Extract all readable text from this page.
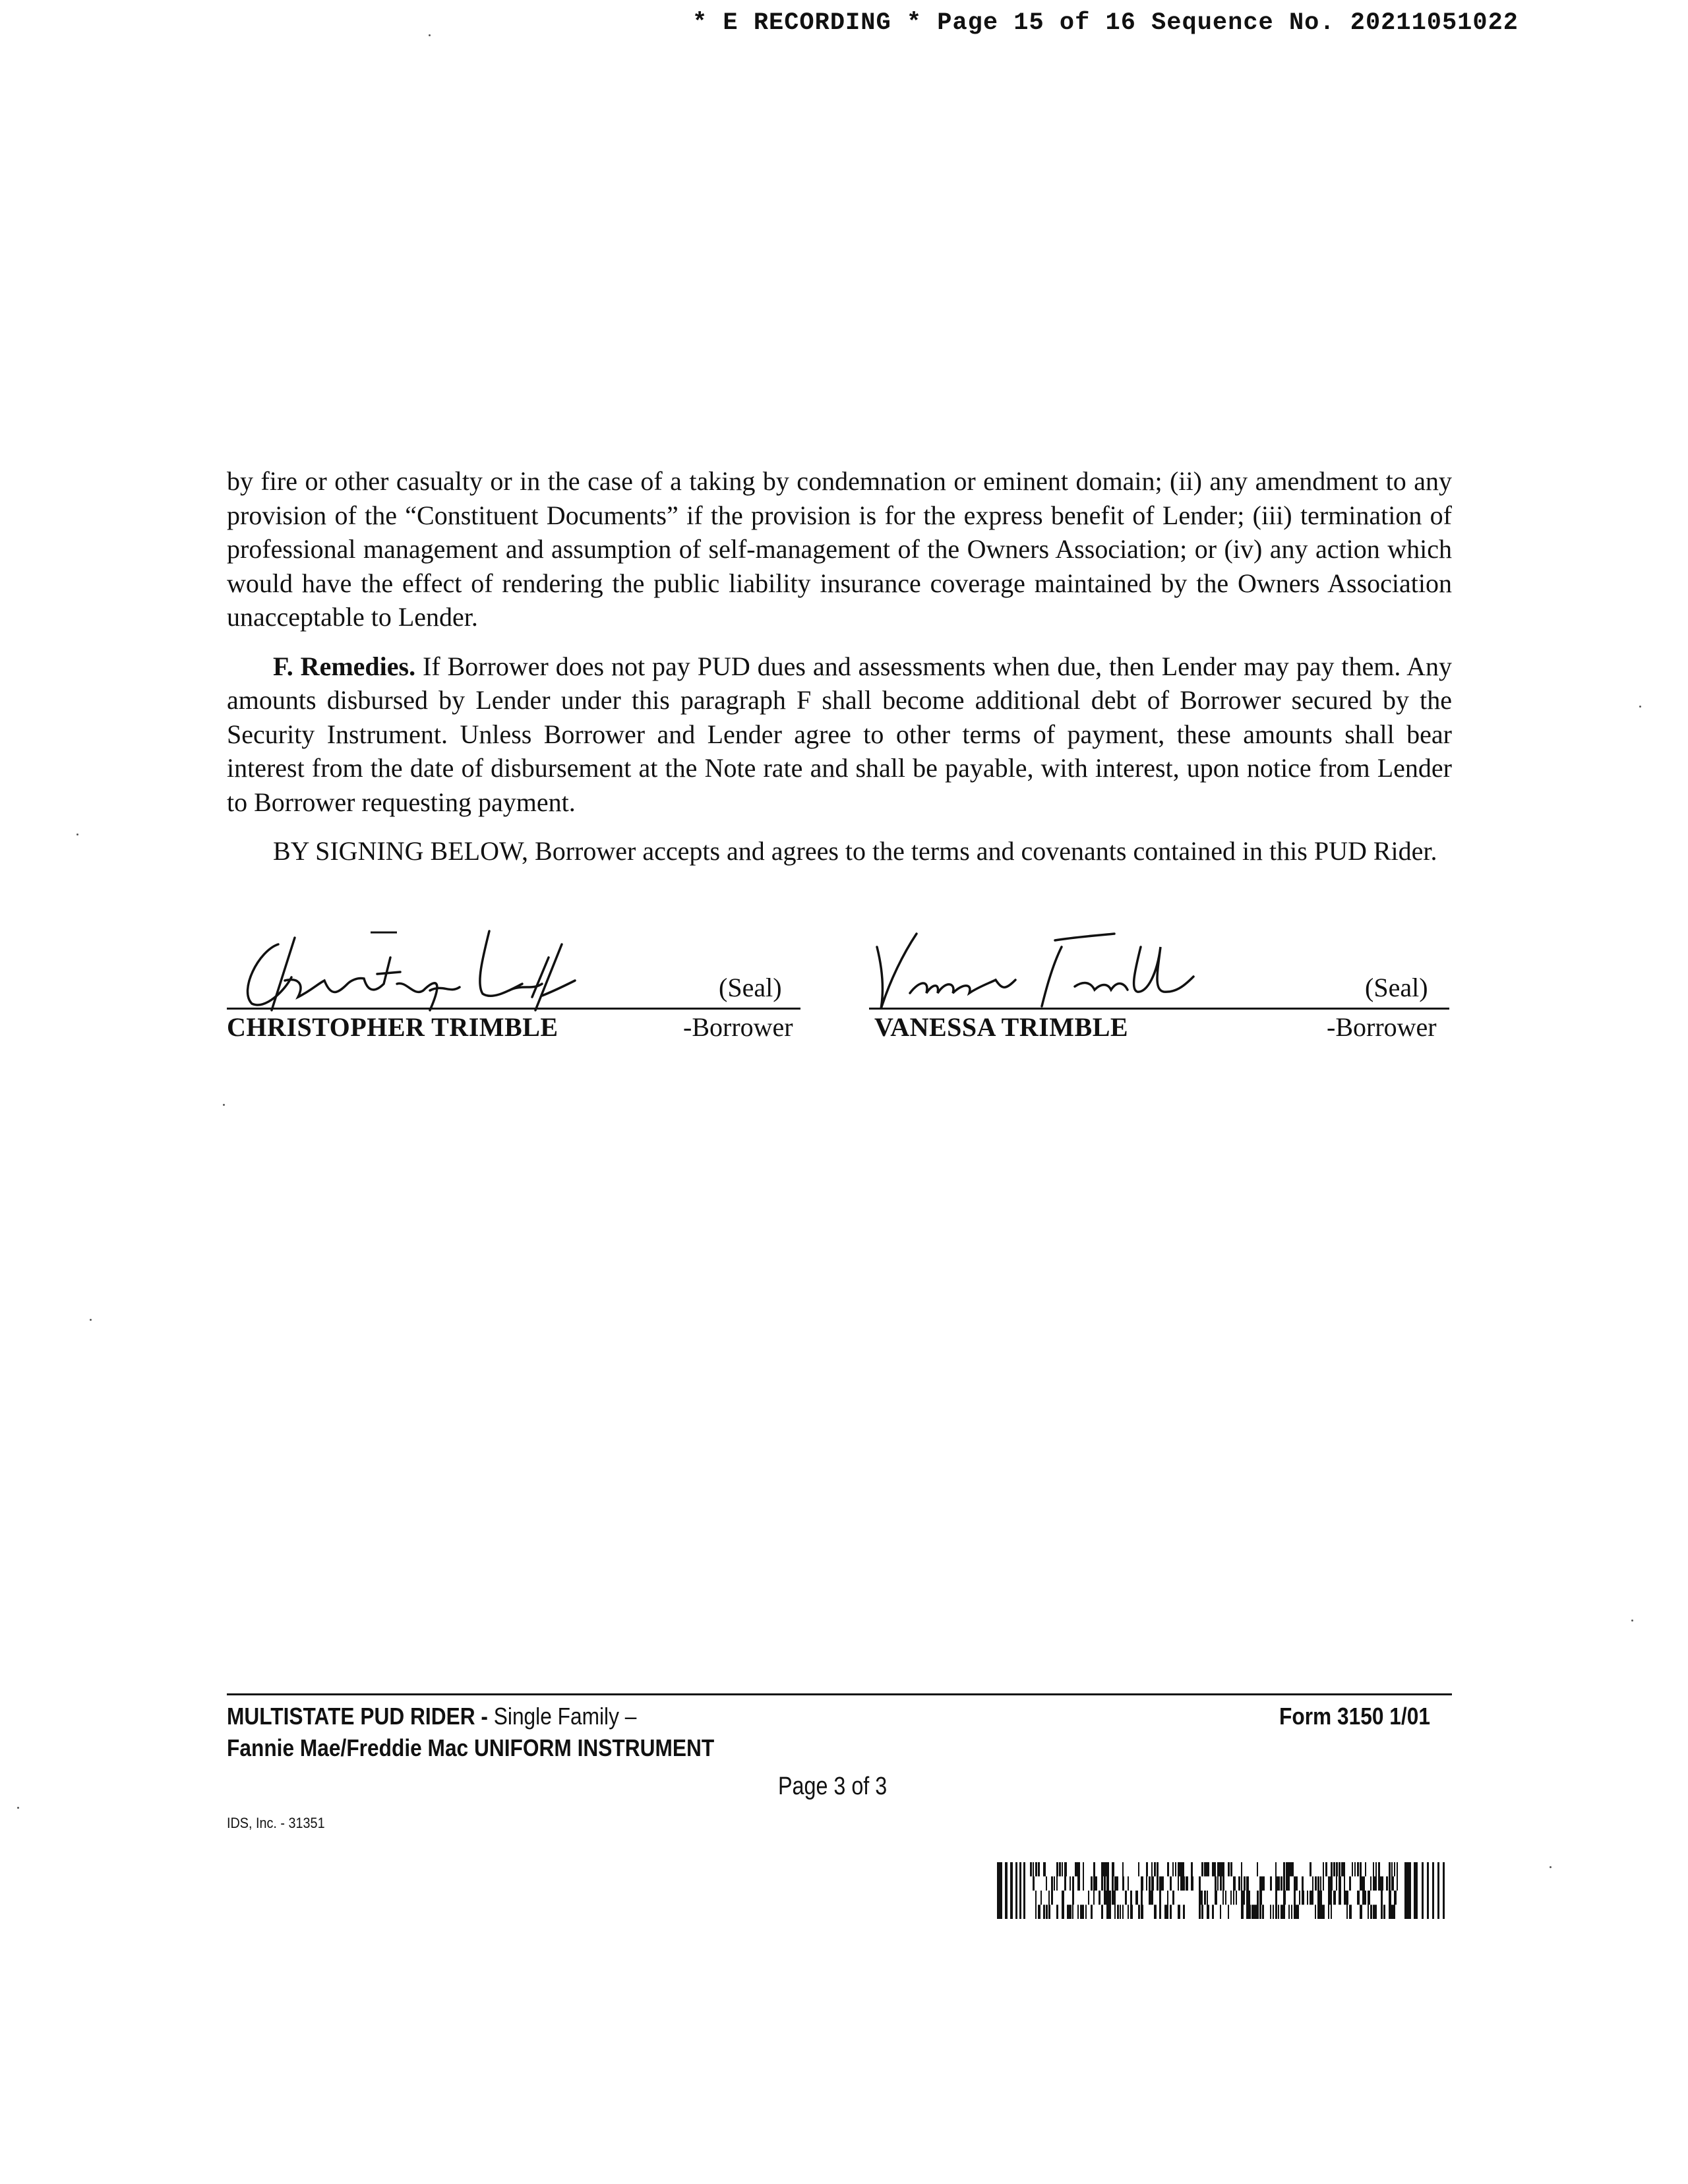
* E RECORDING * Page 15 of 16 Sequence No. 20211051022

by fire or other casualty or in the case of a taking by condemnation or eminent domain; (ii) any amendment to any provision of the “Constituent Documents” if the provision is for the express benefit of Lender; (iii) termination of professional management and assumption of self-management of the Owners Association; or (iv) any action which would have the effect of rendering the public liability insurance coverage maintained by the Owners Association unacceptable to Lender.

F. Remedies. If Borrower does not pay PUD dues and assessments when due, then Lender may pay them. Any amounts disbursed by Lender under this paragraph F shall become additional debt of Borrower secured by the Security Instrument. Unless Borrower and Lender agree to other terms of payment, these amounts shall bear interest from the date of disbursement at the Note rate and shall be payable, with interest, upon notice from Lender to Borrower requesting payment.

BY SIGNING BELOW, Borrower accepts and agrees to the terms and covenants contained in this PUD Rider.

(Seal)
CHRISTOPHER TRIMBLE	-Borrower
(Seal)
VANESSA TRIMBLE	-Borrower
MULTISTATE PUD RIDER - Single Family –
Fannie Mae/Freddie Mac UNIFORM INSTRUMENT
Form 3150 1/01
Page 3 of 3
IDS, Inc. - 31351
